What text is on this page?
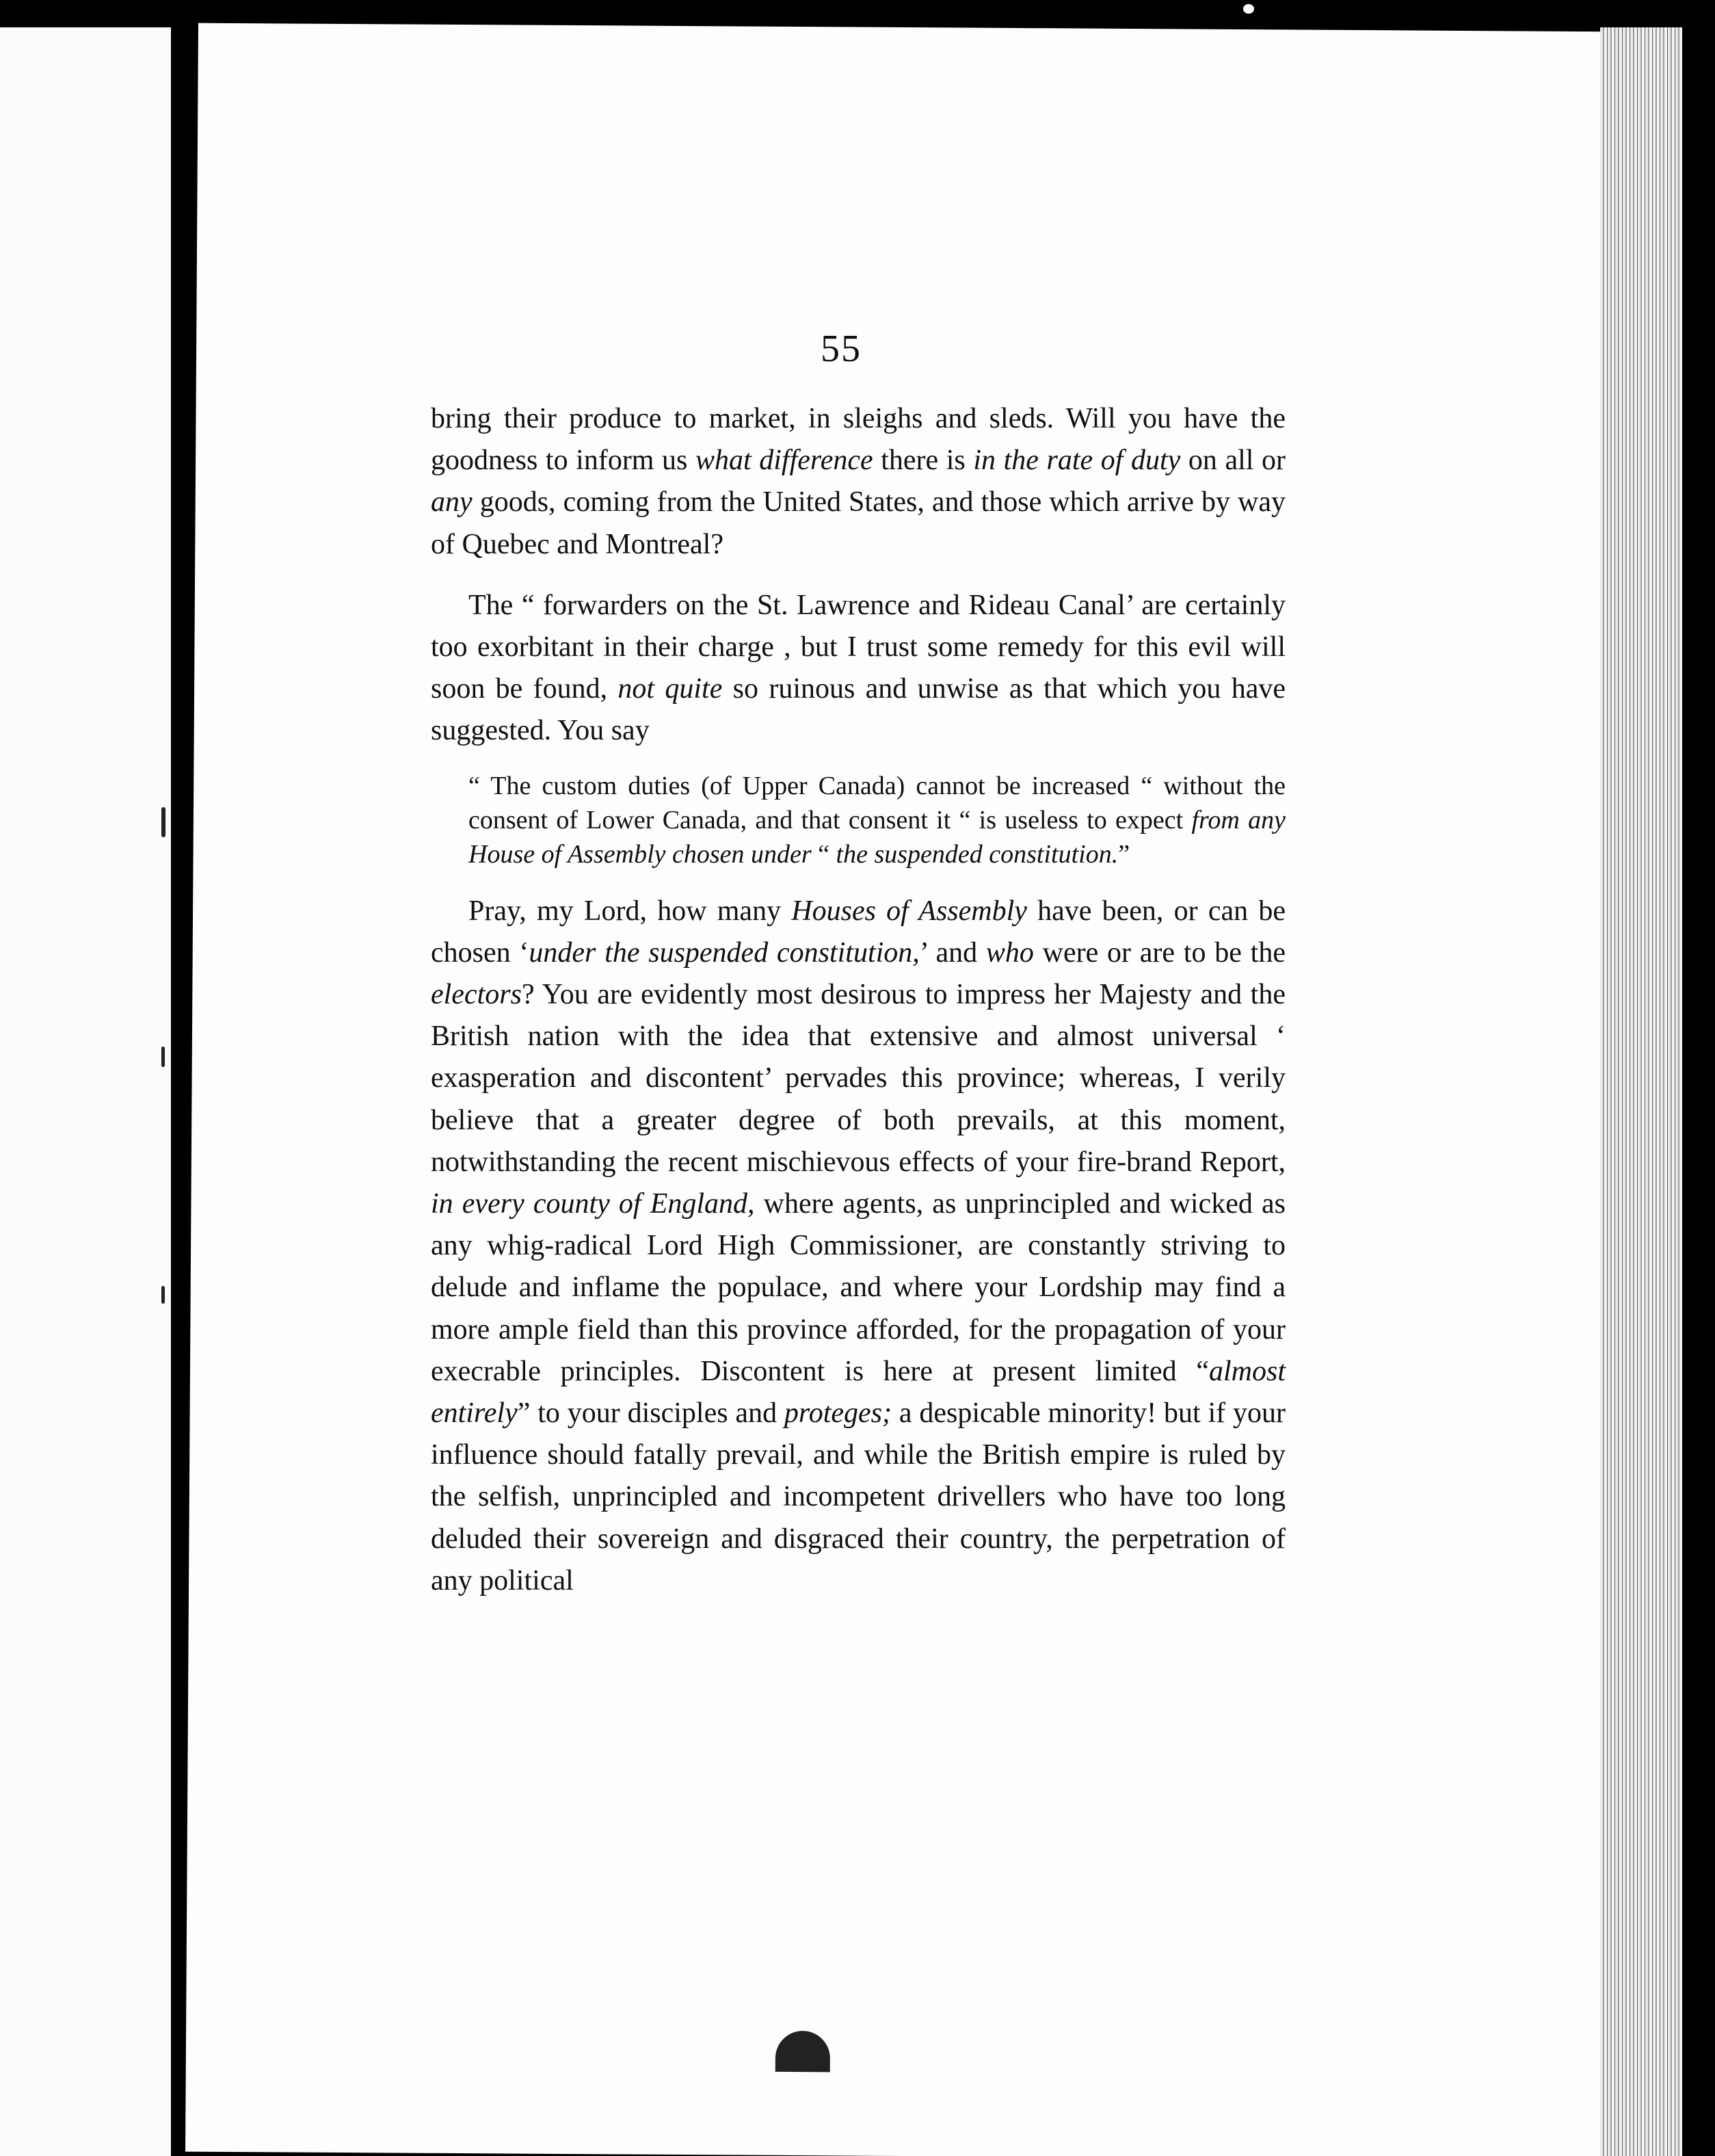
55

bring their produce to market, in sleighs and sleds. Will you have the goodness to inform us what difference there is in the rate of duty on all or any goods, coming from the United States, and those which arrive by way of Quebec and Montreal?

The “ forwarders on the St. Lawrence and Rideau Canal’ are certainly too exorbitant in their charge , but I trust some remedy for this evil will soon be found, not quite so ruinous and unwise as that which you have suggested. You say

“ The custom duties (of Upper Canada) cannot be increased “ without the consent of Lower Canada, and that consent it “ is useless to expect from any House of Assembly chosen under “ the suspended constitution.”

Pray, my Lord, how many Houses of Assembly have been, or can be chosen ‘under the suspended constitution,’ and who were or are to be the electors? You are evidently most desirous to impress her Majesty and the British nation with the idea that extensive and almost universal ‘ exasperation and discontent’ pervades this province; whereas, I verily believe that a greater degree of both prevails, at this moment, notwithstanding the recent mischievous effects of your fire-brand Report, in every county of England, where agents, as unprincipled and wicked as any whig-radical Lord High Commissioner, are constantly striving to delude and inflame the populace, and where your Lordship may find a more ample field than this province afforded, for the propagation of your execrable principles. Discontent is here at present limited “almost entirely” to your disciples and proteges; a despicable minority! but if your influence should fatally prevail, and while the British empire is ruled by the selfish, unprincipled and incompetent drivellers who have too long deluded their sovereign and disgraced their country, the perpetration of any political
